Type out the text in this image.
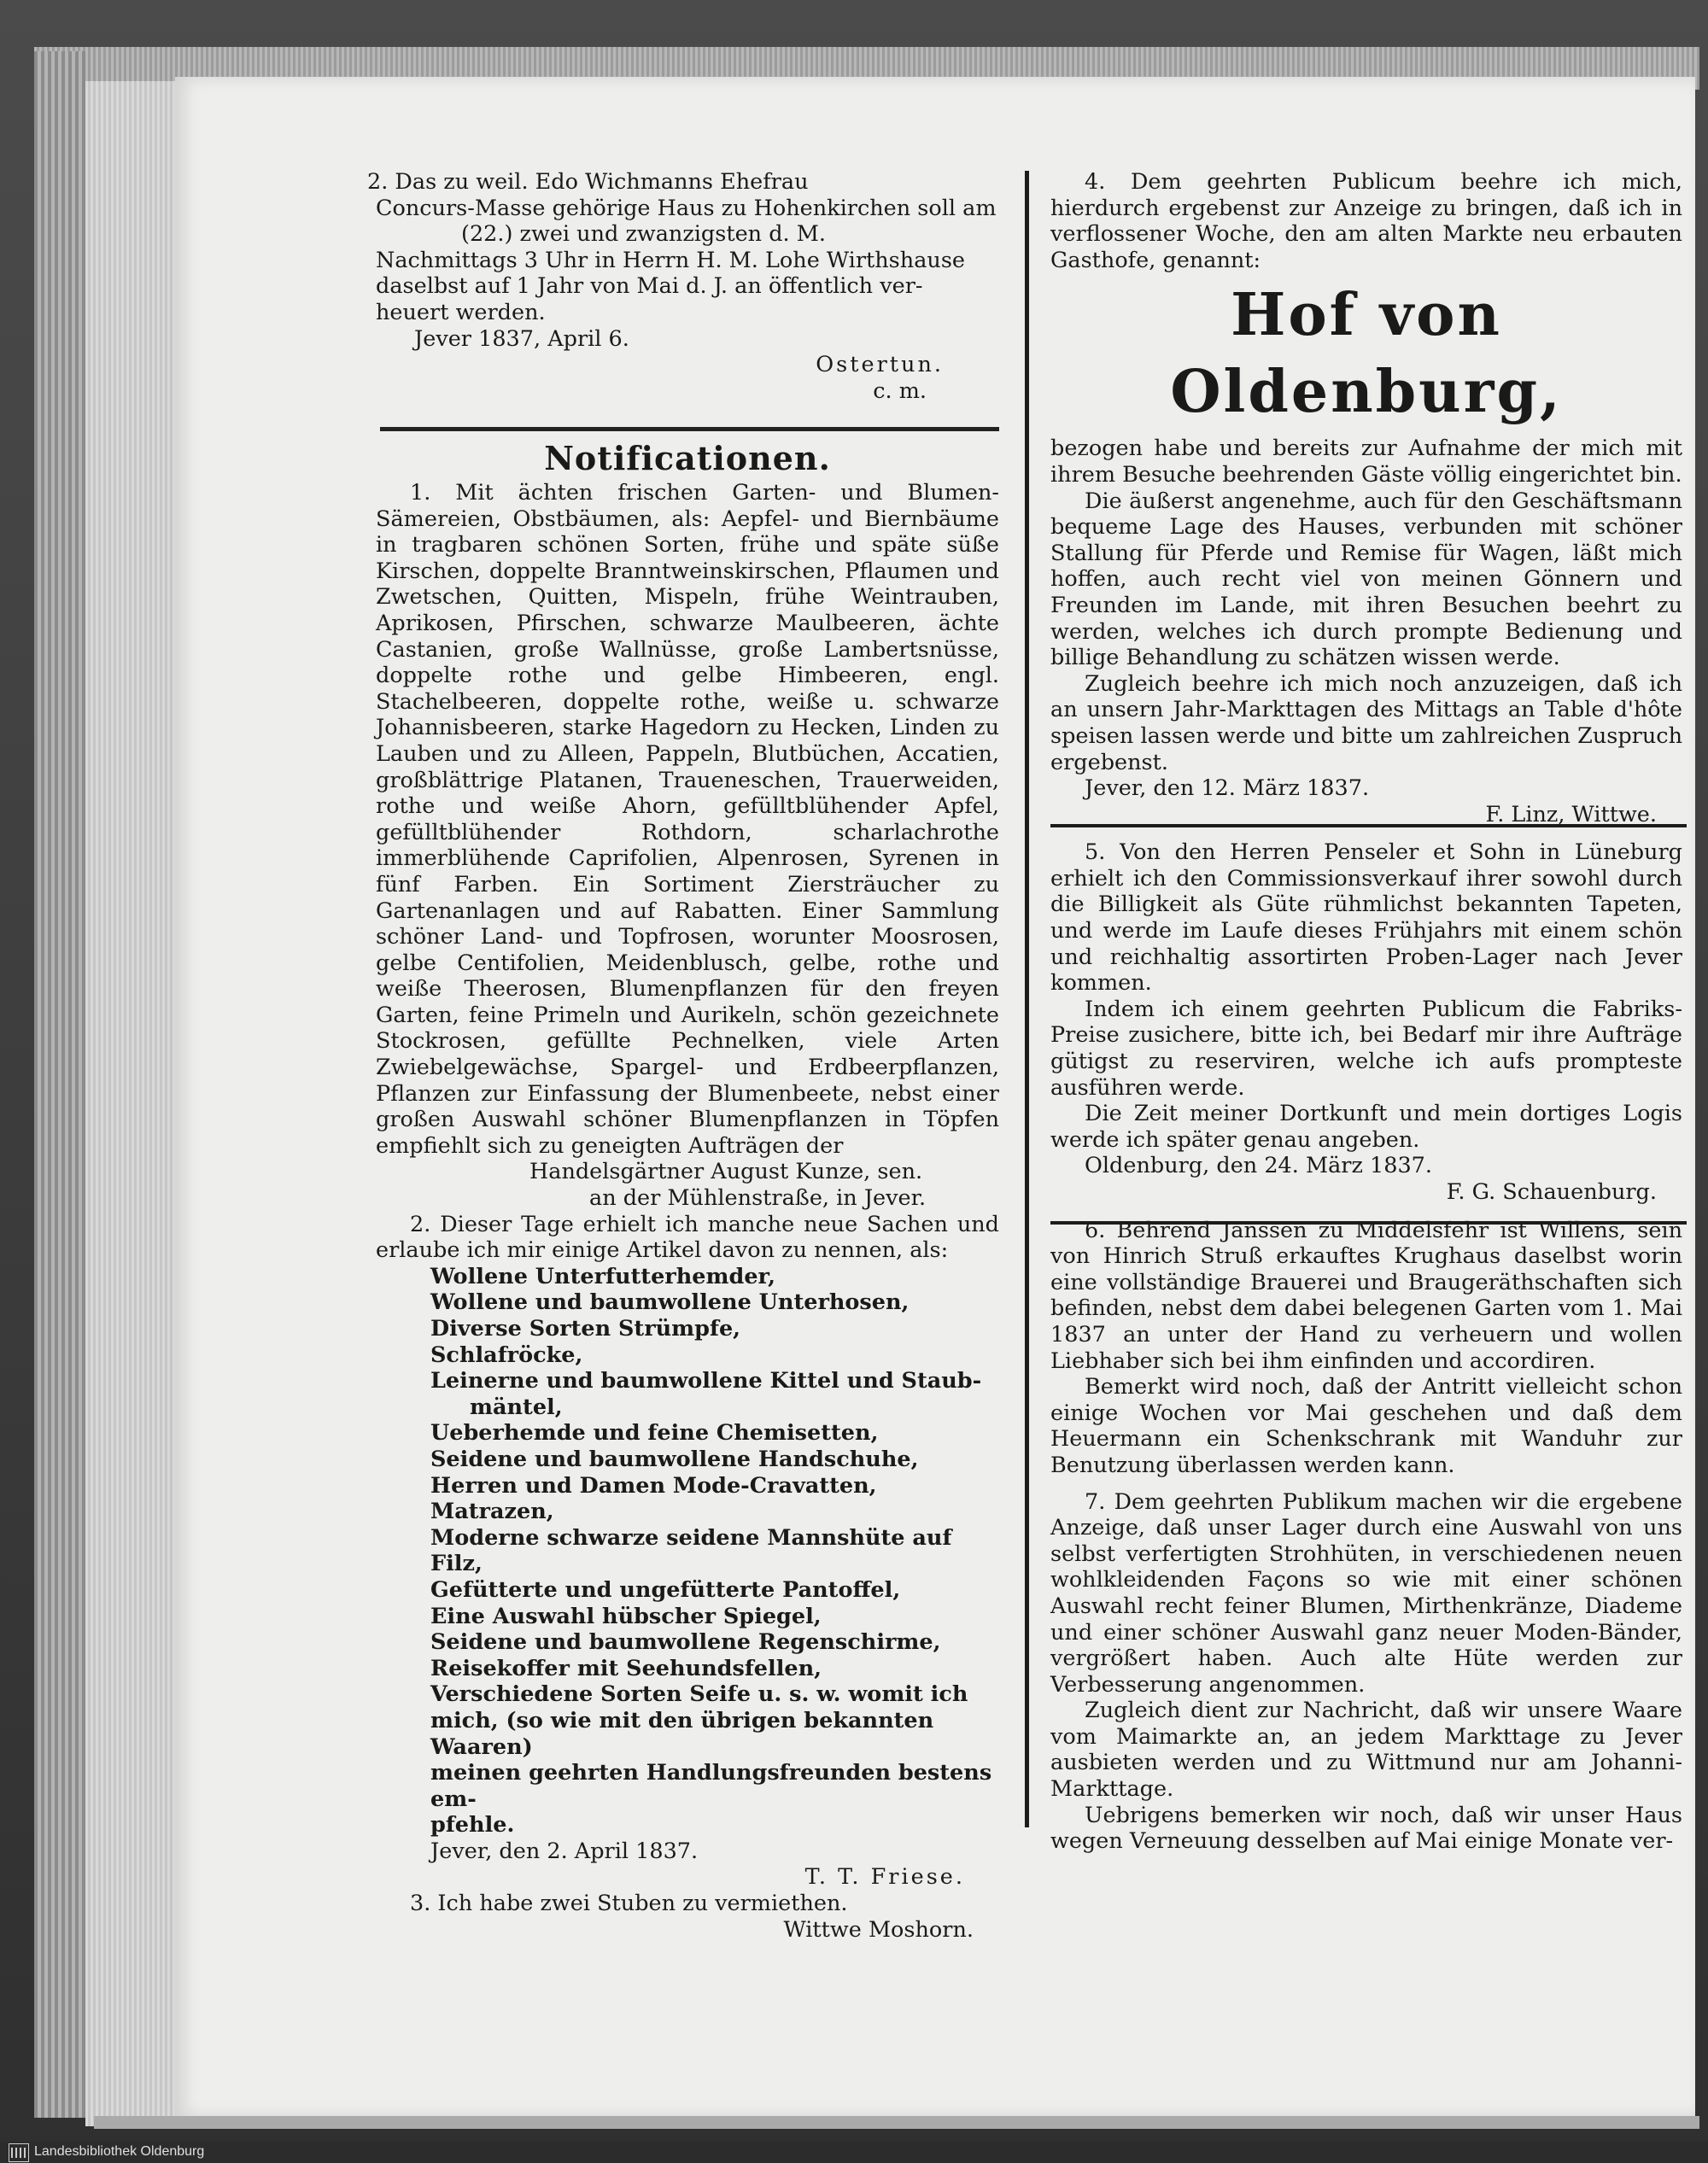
2. Das zu weil. Edo Wichmanns Ehefrau

Concurs-Masse gehörige Haus zu Hohenkirchen soll am

(22.) zwei und zwanzigsten d. M.

Nachmittags 3 Uhr in Herrn H. M. Lohe Wirthshause

daselbst auf 1 Jahr von Mai d. J. an öffentlich ver-

heuert werden.

Jever 1837, April 6.

Ostertun.

c. m.

Notificationen.

1. Mit ächten frischen Garten- und Blumen-Sämereien, Obstbäumen, als: Aepfel- und Biernbäume in tragbaren schönen Sorten, frühe und späte süße Kirschen, doppelte Branntweinskirschen, Pflaumen und Zwetschen, Quitten, Mispeln, frühe Weintrauben, Aprikosen, Pfirschen, schwarze Maulbeeren, ächte Castanien, große Wallnüsse, große Lambertsnüsse, doppelte rothe und gelbe Himbeeren, engl. Stachelbeeren, doppelte rothe, weiße u. schwarze Johannisbeeren, starke Hagedorn zu Hecken, Linden zu Lauben und zu Alleen, Pappeln, Blutbüchen, Accatien, großblättrige Platanen, Traueneschen, Trauerweiden, rothe und weiße Ahorn, gefülltblühender Apfel, gefülltblühender Rothdorn, scharlachrothe immerblühende Caprifolien, Alpenrosen, Syrenen in fünf Farben. Ein Sortiment Ziersträucher zu Gartenanlagen und auf Rabatten. Einer Sammlung schöner Land- und Topfrosen, worunter Moosrosen, gelbe Centifolien, Meidenblusch, gelbe, rothe und weiße Theerosen, Blumenpflanzen für den freyen Garten, feine Primeln und Aurikeln, schön gezeichnete Stockrosen, gefüllte Pechnelken, viele Arten Zwiebelgewächse, Spargel- und Erdbeerpflanzen, Pflanzen zur Einfassung der Blumenbeete, nebst einer großen Auswahl schöner Blumenpflanzen in Töpfen empfiehlt sich zu geneigten Aufträgen der

Handelsgärtner August Kunze, sen.

an der Mühlenstraße, in Jever.

2. Dieser Tage erhielt ich manche neue Sachen und erlaube ich mir einige Artikel davon zu nennen, als:

Wollene Unterfutterhemder,

Wollene und baumwollene Unterhosen,

Diverse Sorten Strümpfe,

Schlafröcke,

Leinerne und baumwollene Kittel und Staub-

mäntel,

Ueberhemde und feine Chemisetten,

Seidene und baumwollene Handschuhe,

Herren und Damen Mode-Cravatten,

Matrazen,

Moderne schwarze seidene Mannshüte auf Filz,

Gefütterte und ungefütterte Pantoffel,

Eine Auswahl hübscher Spiegel,

Seidene und baumwollene Regenschirme,

Reisekoffer mit Seehundsfellen,

Verschiedene Sorten Seife u. s. w. womit ich

mich, (so wie mit den übrigen bekannten Waaren)

meinen geehrten Handlungsfreunden bestens em-

pfehle.

Jever, den 2. April 1837.

T. T. Friese.

3. Ich habe zwei Stuben zu vermiethen.

Wittwe Moshorn.

4. Dem geehrten Publicum beehre ich mich, hierdurch ergebenst zur Anzeige zu bringen, daß ich in verflossener Woche, den am alten Markte neu erbauten Gasthofe, genannt:

Hof von Oldenburg,

bezogen habe und bereits zur Aufnahme der mich mit ihrem Besuche beehrenden Gäste völlig eingerichtet bin.

Die äußerst angenehme, auch für den Geschäftsmann bequeme Lage des Hauses, verbunden mit schöner Stallung für Pferde und Remise für Wagen, läßt mich hoffen, auch recht viel von meinen Gönnern und Freunden im Lande, mit ihren Besuchen beehrt zu werden, welches ich durch prompte Bedienung und billige Behandlung zu schätzen wissen werde.

Zugleich beehre ich mich noch anzuzeigen, daß ich an unsern Jahr-Markttagen des Mittags an Table d'hôte speisen lassen werde und bitte um zahlreichen Zuspruch ergebenst.

Jever, den 12. März 1837.

F. Linz, Wittwe.

5. Von den Herren Penseler et Sohn in Lüneburg erhielt ich den Commissionsverkauf ihrer sowohl durch die Billigkeit als Güte rühmlichst bekannten Tapeten, und werde im Laufe dieses Frühjahrs mit einem schön und reichhaltig assortirten Proben-Lager nach Jever kommen.

Indem ich einem geehrten Publicum die Fabriks-Preise zusichere, bitte ich, bei Bedarf mir ihre Aufträge gütigst zu reserviren, welche ich aufs prompteste ausführen werde.

Die Zeit meiner Dortkunft und mein dortiges Logis werde ich später genau angeben.

Oldenburg, den 24. März 1837.

F. G. Schauenburg.

6. Behrend Janssen zu Middelsfehr ist Willens, sein von Hinrich Struß erkauftes Krughaus daselbst worin eine vollständige Brauerei und Braugeräthschaften sich befinden, nebst dem dabei belegenen Garten vom 1. Mai 1837 an unter der Hand zu verheuern und wollen Liebhaber sich bei ihm einfinden und accordiren.

Bemerkt wird noch, daß der Antritt vielleicht schon einige Wochen vor Mai geschehen und daß dem Heuermann ein Schenkschrank mit Wanduhr zur Benutzung überlassen werden kann.

7. Dem geehrten Publikum machen wir die ergebene Anzeige, daß unser Lager durch eine Auswahl von uns selbst verfertigten Strohhüten, in verschiedenen neuen wohlkleidenden Façons so wie mit einer schönen Auswahl recht feiner Blumen, Mirthenkränze, Diademe und einer schöner Auswahl ganz neuer Moden-Bänder, vergrößert haben. Auch alte Hüte werden zur Verbesserung angenommen.

Zugleich dient zur Nachricht, daß wir unsere Waare vom Maimarkte an, an jedem Markttage zu Jever ausbieten werden und zu Wittmund nur am Johanni-Markttage.

Uebrigens bemerken wir noch, daß wir unser Haus wegen Verneuung desselben auf Mai einige Monate ver-

Landesbibliothek Oldenburg
